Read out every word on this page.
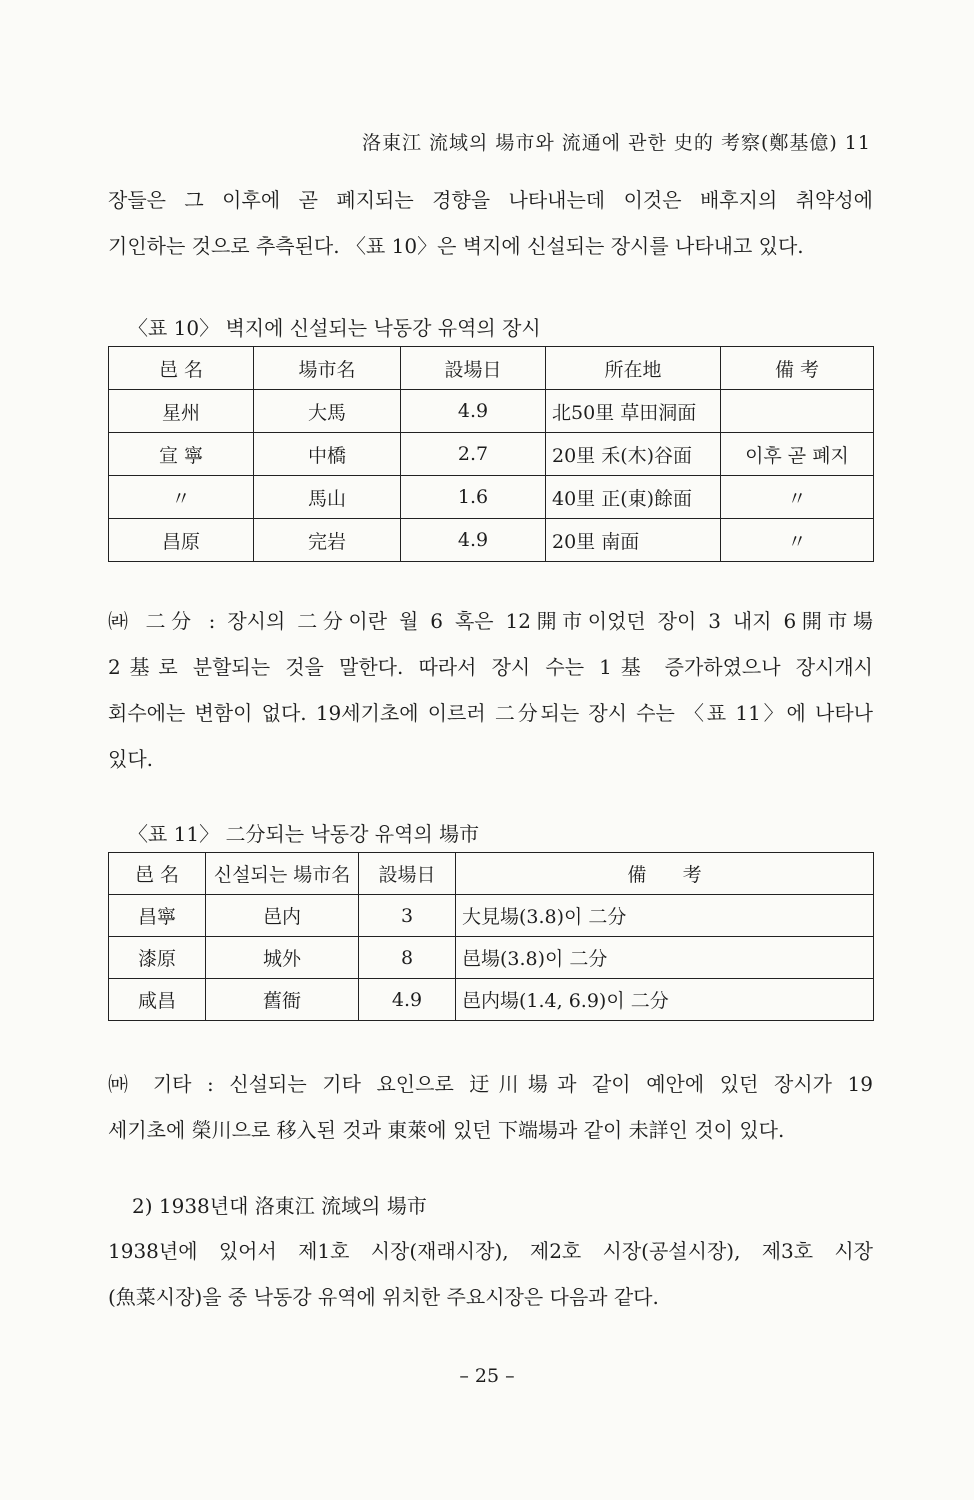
洛東江 流域의 場市와 流通에 관한 史的 考察(鄭基億) 11
장들은 그 이후에 곧 폐지되는 경향을 나타내는데 이것은 배후지의 취약성에
기인하는 것으로 추측된다. 〈표 10〉은 벽지에 신설되는 장시를 나타내고 있다.
〈표 10〉 벽지에 신설되는 낙동강 유역의 장시
邑 名	場市名	設場日	所在地	備 考
星州	大馬	4.9	北50里 草田洞面	
宣 寧	中橋	2.7	20里 禾(木)谷面	이후 곧 폐지
〃	馬山	1.6	40里 正(東)餘面	〃
昌原	完岩	4.9	20里 南面	〃
㈑ 二分 : 장시의 二分이란 월 6 혹은 12開市이었던 장이 3 내지 6開市場
2基로 분할되는 것을 말한다. 따라서 장시 수는 1基 증가하였으나 장시개시
회수에는 변함이 없다. 19세기초에 이르러 二分되는 장시 수는 〈표 11〉에 나타나
있다.
〈표 11〉 二分되는 낙동강 유역의 場市
邑 名	신설되는 場市名	設場日	備      考
昌寧	邑内	3	大見場(3.8)이 二分
漆原	城外	8	邑場(3.8)이 二分
咸昌	舊衙	4.9	邑内場(1.4, 6.9)이 二分
㈒ 기타 : 신설되는 기타 요인으로 迂川場과 같이 예안에 있던 장시가 19
세기초에 榮川으로 移入된 것과 東萊에 있던 下端場과 같이 未詳인 것이 있다.
2) 1938년대 洛東江 流域의 場市
1938년에 있어서 제1호 시장(재래시장), 제2호 시장(공설시장), 제3호 시장
(魚菜시장)을 중 낙동강 유역에 위치한 주요시장은 다음과 같다.
– 25 –
